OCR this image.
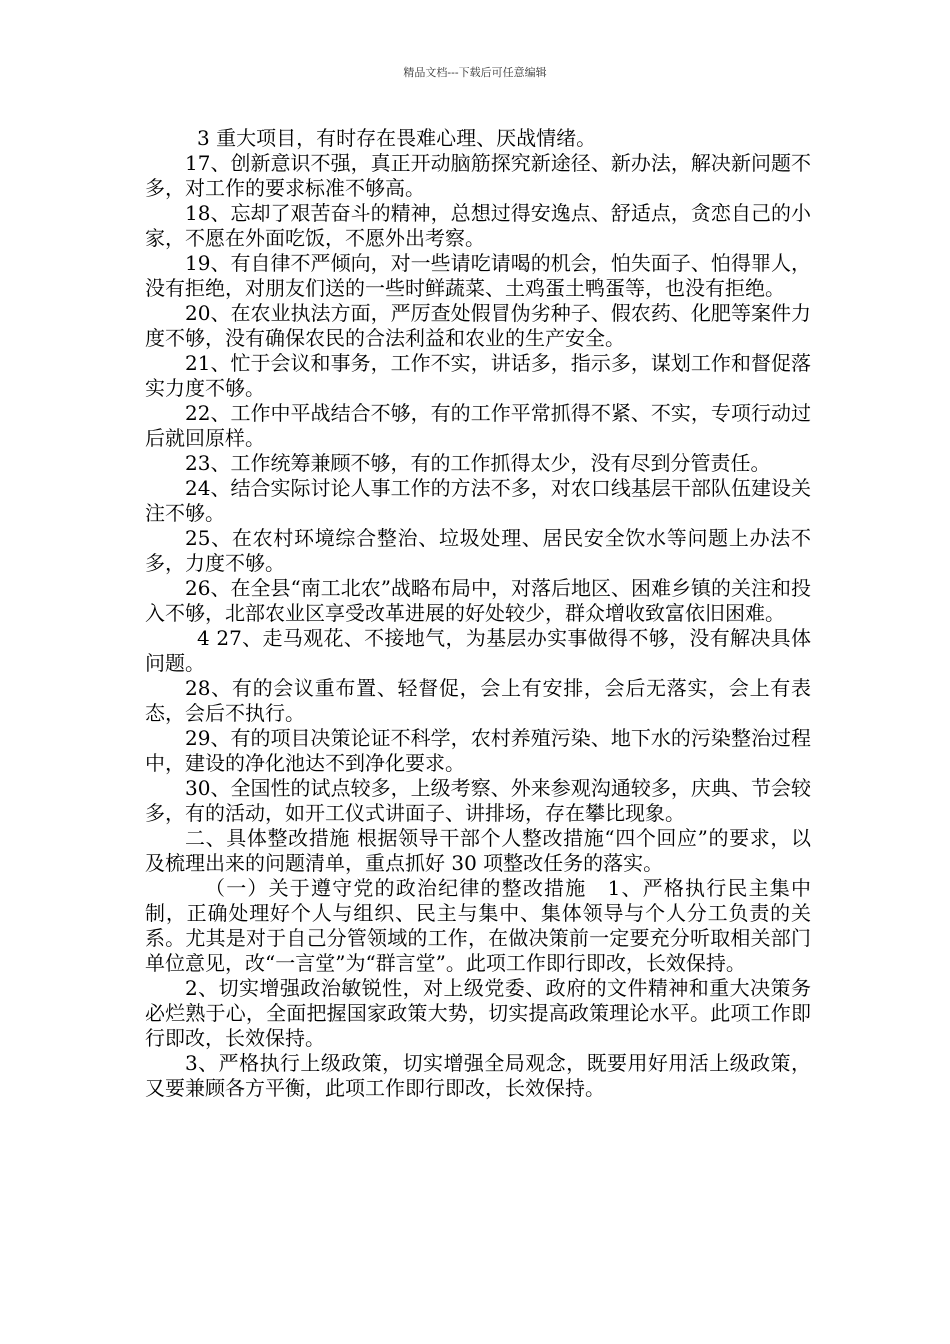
精品文档---下载后可任意编辑

3 重大项目，有时存在畏难心理、厌战情绪。

17、创新意识不强，真正开动脑筋探究新途径、新办法，解决新问题不多，对工作的要求标准不够高。

18、忘却了艰苦奋斗的精神，总想过得安逸点、舒适点，贪恋自己的小家，不愿在外面吃饭，不愿外出考察。

19、有自律不严倾向，对一些请吃请喝的机会，怕失面子、怕得罪人，没有拒绝，对朋友们送的一些时鲜蔬菜、土鸡蛋土鸭蛋等，也没有拒绝。

20、在农业执法方面，严厉查处假冒伪劣种子、假农药、化肥等案件力度不够，没有确保农民的合法利益和农业的生产安全。

21、忙于会议和事务，工作不实，讲话多，指示多，谋划工作和督促落实力度不够。

22、工作中平战结合不够，有的工作平常抓得不紧、不实，专项行动过后就回原样。

23、工作统筹兼顾不够，有的工作抓得太少，没有尽到分管责任。

24、结合实际讨论人事工作的方法不多，对农口线基层干部队伍建设关注不够。

25、在农村环境综合整治、垃圾处理、居民安全饮水等问题上办法不多，力度不够。

26、在全县“南工北农”战略布局中，对落后地区、困难乡镇的关注和投入不够，北部农业区享受改革进展的好处较少，群众增收致富依旧困难。

4 27、走马观花、不接地气，为基层办实事做得不够，没有解决具体问题。

28、有的会议重布置、轻督促，会上有安排，会后无落实，会上有表态，会后不执行。

29、有的项目决策论证不科学，农村养殖污染、地下水的污染整治过程中，建设的净化池达不到净化要求。

30、全国性的试点较多，上级考察、外来参观沟通较多，庆典、节会较多，有的活动，如开工仪式讲面子、讲排场，存在攀比现象。

二、具体整改措施 根据领导干部个人整改措施“四个回应”的要求，以及梳理出来的问题清单，重点抓好 30 项整改任务的落实。

（一）关于遵守党的政治纪律的整改措施　1、严格执行民主集中制，正确处理好个人与组织、民主与集中、集体领导与个人分工负责的关系。尤其是对于自己分管领域的工作，在做决策前一定要充分听取相关部门单位意见，改“一言堂”为“群言堂”。此项工作即行即改，长效保持。

2、切实增强政治敏锐性，对上级党委、政府的文件精神和重大决策务必烂熟于心，全面把握国家政策大势，切实提高政策理论水平。此项工作即行即改，长效保持。

3、严格执行上级政策，切实增强全局观念，既要用好用活上级政策，又要兼顾各方平衡，此项工作即行即改，长效保持。
